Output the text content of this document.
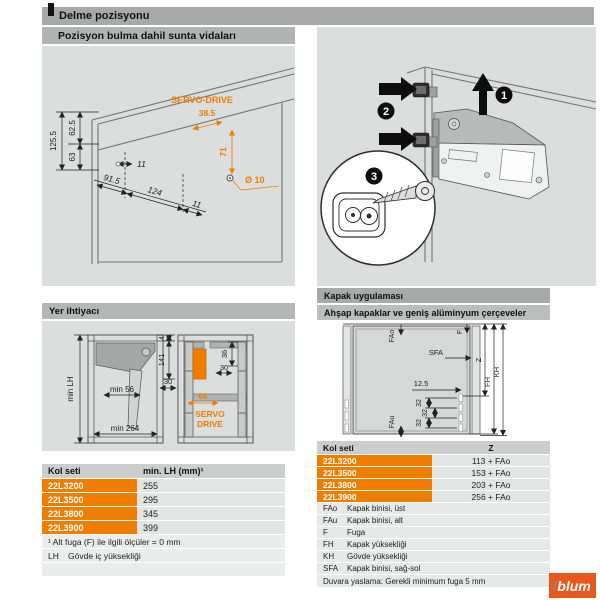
Delme pozisyonu
Pozisyon bulma dahil sunta vidaları
125.5
62.5
63
11
91.5
124
11
SERVO-DRIVE
38.5
71
Ø 10
1
2
3
Yer ihtiyacı
min LH	min 56
min 264
4
141
30
36
30
66
SERVO
DRIVE
Kol seti	min. LH (mm)¹
22L3200	255
22L3500	295
22L3800	345
22L3900	399
¹ Alt fuga (F) ile ilgili ölçüler = 0 mm
LH	Gövde iç yüksekliği
Kapak uygulaması
Ahşap kapaklar ve geniş alüminyum çerçeveler
FAo	F
SFA
Z
FH
KH
12.5
32
32
32
FAu
Kol seti	Z
22L3200	113 + FAo
22L3500	153 + FAo
22L3800	203 + FAo
22L3900	256 + FAo
FAo	Kapak binisi, üst
FAu	Kapak binisi, alt
F	Fuga
FH	Kapak yüksekliği
KH	Gövde yüksekliği
SFA	Kapak binisi, sağ-sol
Duvara yaslama: Gerekli minimum fuga 5 mm	blum
